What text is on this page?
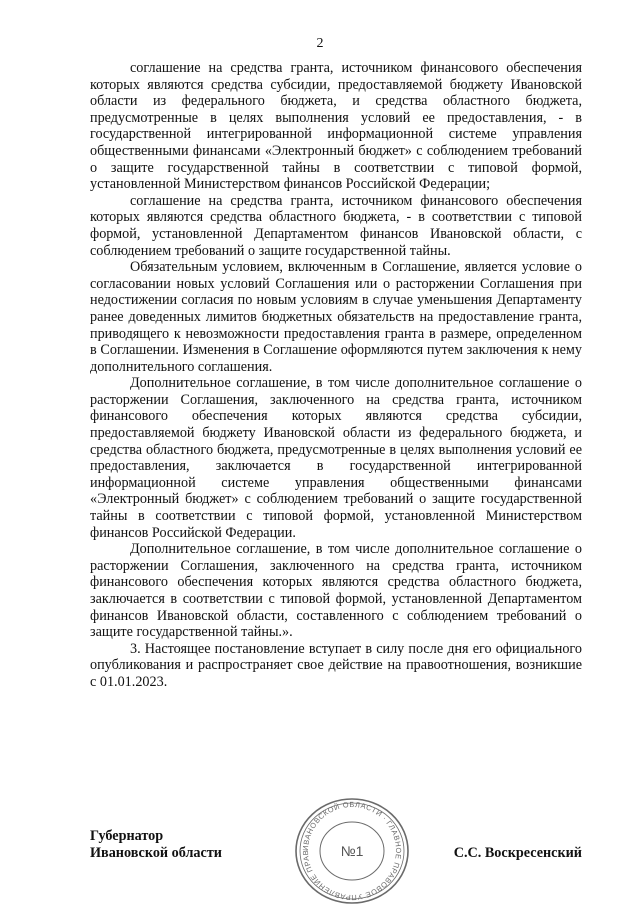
2

соглашение на средства гранта, источником финансового обеспечения которых являются средства субсидии, предоставляемой бюджету Ивановской области из федерального бюджета, и средства областного бюджета, предусмотренные в целях выполнения условий ее предоставления, - в государственной интегрированной информационной системе управления общественными финансами «Электронный бюджет» с соблюдением требований о защите государственной тайны в соответствии с типовой формой, установленной Министерством финансов Российской Федерации;

соглашение на средства гранта, источником финансового обеспечения которых являются средства областного бюджета, - в соответствии с типовой формой, установленной Департаментом финансов Ивановской области, с соблюдением требований о защите государственной тайны.

Обязательным условием, включенным в Соглашение, является условие о согласовании новых условий Соглашения или о расторжении Соглашения при недостижении согласия по новым условиям в случае уменьшения Департаменту ранее доведенных лимитов бюджетных обязательств на предоставление гранта, приводящего к невозможности предоставления гранта в размере, определенном в Соглашении. Изменения в Соглашение оформляются путем заключения к нему дополнительного соглашения.

Дополнительное соглашение, в том числе дополнительное соглашение о расторжении Соглашения, заключенного на средства гранта, источником финансового обеспечения которых являются средства субсидии, предоставляемой бюджету Ивановской области из федерального бюджета, и средства областного бюджета, предусмотренные в целях выполнения условий ее предоставления, заключается в государственной интегрированной информационной системе управления общественными финансами «Электронный бюджет» с соблюдением требований о защите государственной тайны в соответствии с типовой формой, установленной Министерством финансов Российской Федерации.

Дополнительное соглашение, в том числе дополнительное соглашение о расторжении Соглашения, заключенного на средства гранта, источником финансового обеспечения которых являются средства областного бюджета, заключается в соответствии с типовой формой, установленной Департаментом финансов Ивановской области, составленного с соблюдением требований о защите государственной тайны.».

3. Настоящее постановление вступает в силу после дня его официального опубликования и распространяет свое действие на правоотношения, возникшие с 01.01.2023.

ИВАНОВСКОЙ ОБЛАСТИ · ГЛАВНОЕ ПРАВОВОЕ УПРАВЛЕНИЕ ПРАВИТЕЛЬСТВА
№1
Губернатор
Ивановской области	С.С. Воскресенский
